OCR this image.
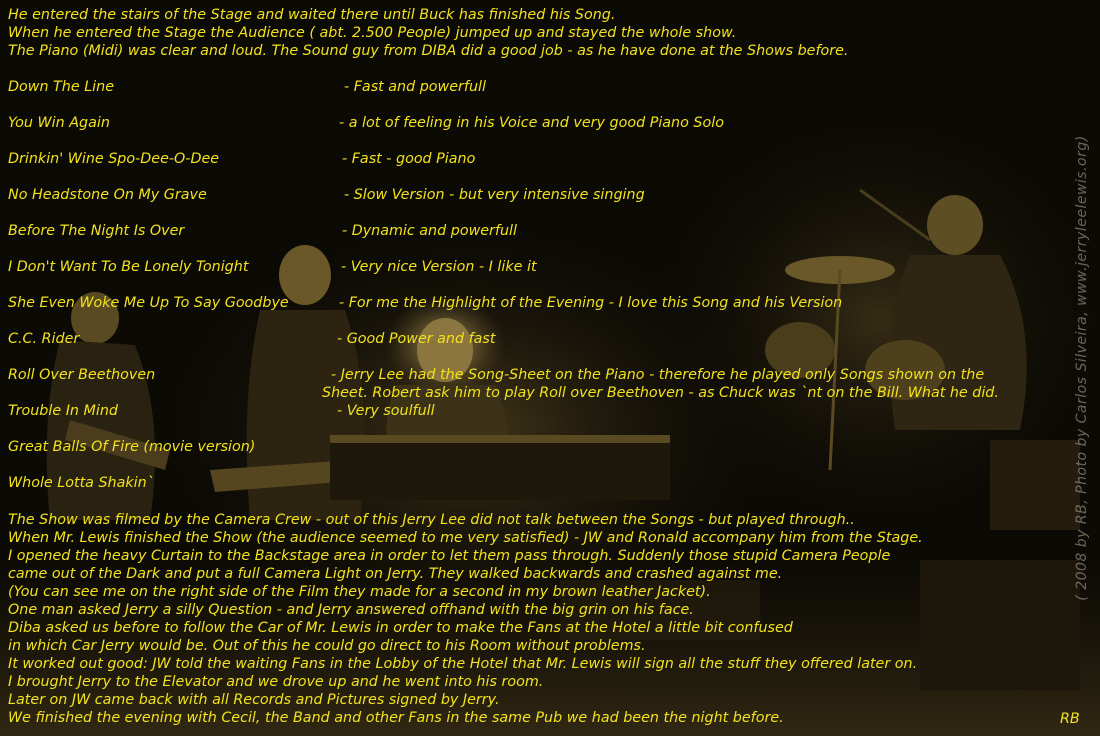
He entered the stairs of the Stage and waited there until Buck has finished his Song.
When he entered the Stage the Audience ( abt. 2.500 People) jumped up and stayed the whole show.
The Piano (Midi) was clear and loud. The Sound guy from DIBA did a good job - as he have done at the Shows before.
Down The Line	- Fast and powerfull
You Win Again	- a lot of feeling in his Voice and very good Piano Solo
Drinkin' Wine Spo-Dee-O-Dee	- Fast - good Piano
No Headstone On My Grave	- Slow Version - but very intensive singing
Before The Night Is Over	- Dynamic and powerfull
I Don't Want To Be Lonely Tonight	- Very nice Version - I like it
She Even Woke Me Up To Say Goodbye	- For me the Highlight of the Evening - I love this Song and his Version
C.C. Rider	- Good Power and fast
Roll Over Beethoven	- Jerry Lee had the Song-Sheet on the Piano - therefore he played only Songs shown on the
Sheet. Robert ask him to play Roll over Beethoven - as Chuck was `nt on the Bill. What he did.
Trouble In Mind	- Very soulfull
Great Balls Of Fire (movie version)
Whole Lotta Shakin`
The Show was filmed by the Camera Crew - out of this Jerry Lee did not talk between the Songs - but played through..
When Mr. Lewis finished the Show (the audience seemed to me very satisfied) - JW and Ronald accompany him from the Stage.
I opened the heavy Curtain to the Backstage area in order to let them pass through. Suddenly those stupid Camera People
came out of the Dark and put a full Camera Light on Jerry. They walked backwards and crashed against me.
(You can see me on the right side of the Film they made for a second in my brown leather Jacket).
One man asked Jerry a silly Question - and Jerry answered offhand with the big grin on his face.
Diba asked us before to follow the Car of Mr. Lewis in order to make the Fans at the Hotel a little bit confused
in which Car Jerry would be. Out of this he could go direct to his Room without problems.
It worked out good: JW told the waiting Fans in the Lobby of the Hotel that Mr. Lewis will sign all the stuff they offered later on.
I brought Jerry to the Elevator and we drove up and he went into his room.
Later on JW came back with all Records and Pictures signed by Jerry.
We finished the evening with Cecil, the Band and other Fans in the same Pub we had been the night before.	RB
( 2008 by RB, Photo by Carlos Silveira, www.jerryleelewis.org)
